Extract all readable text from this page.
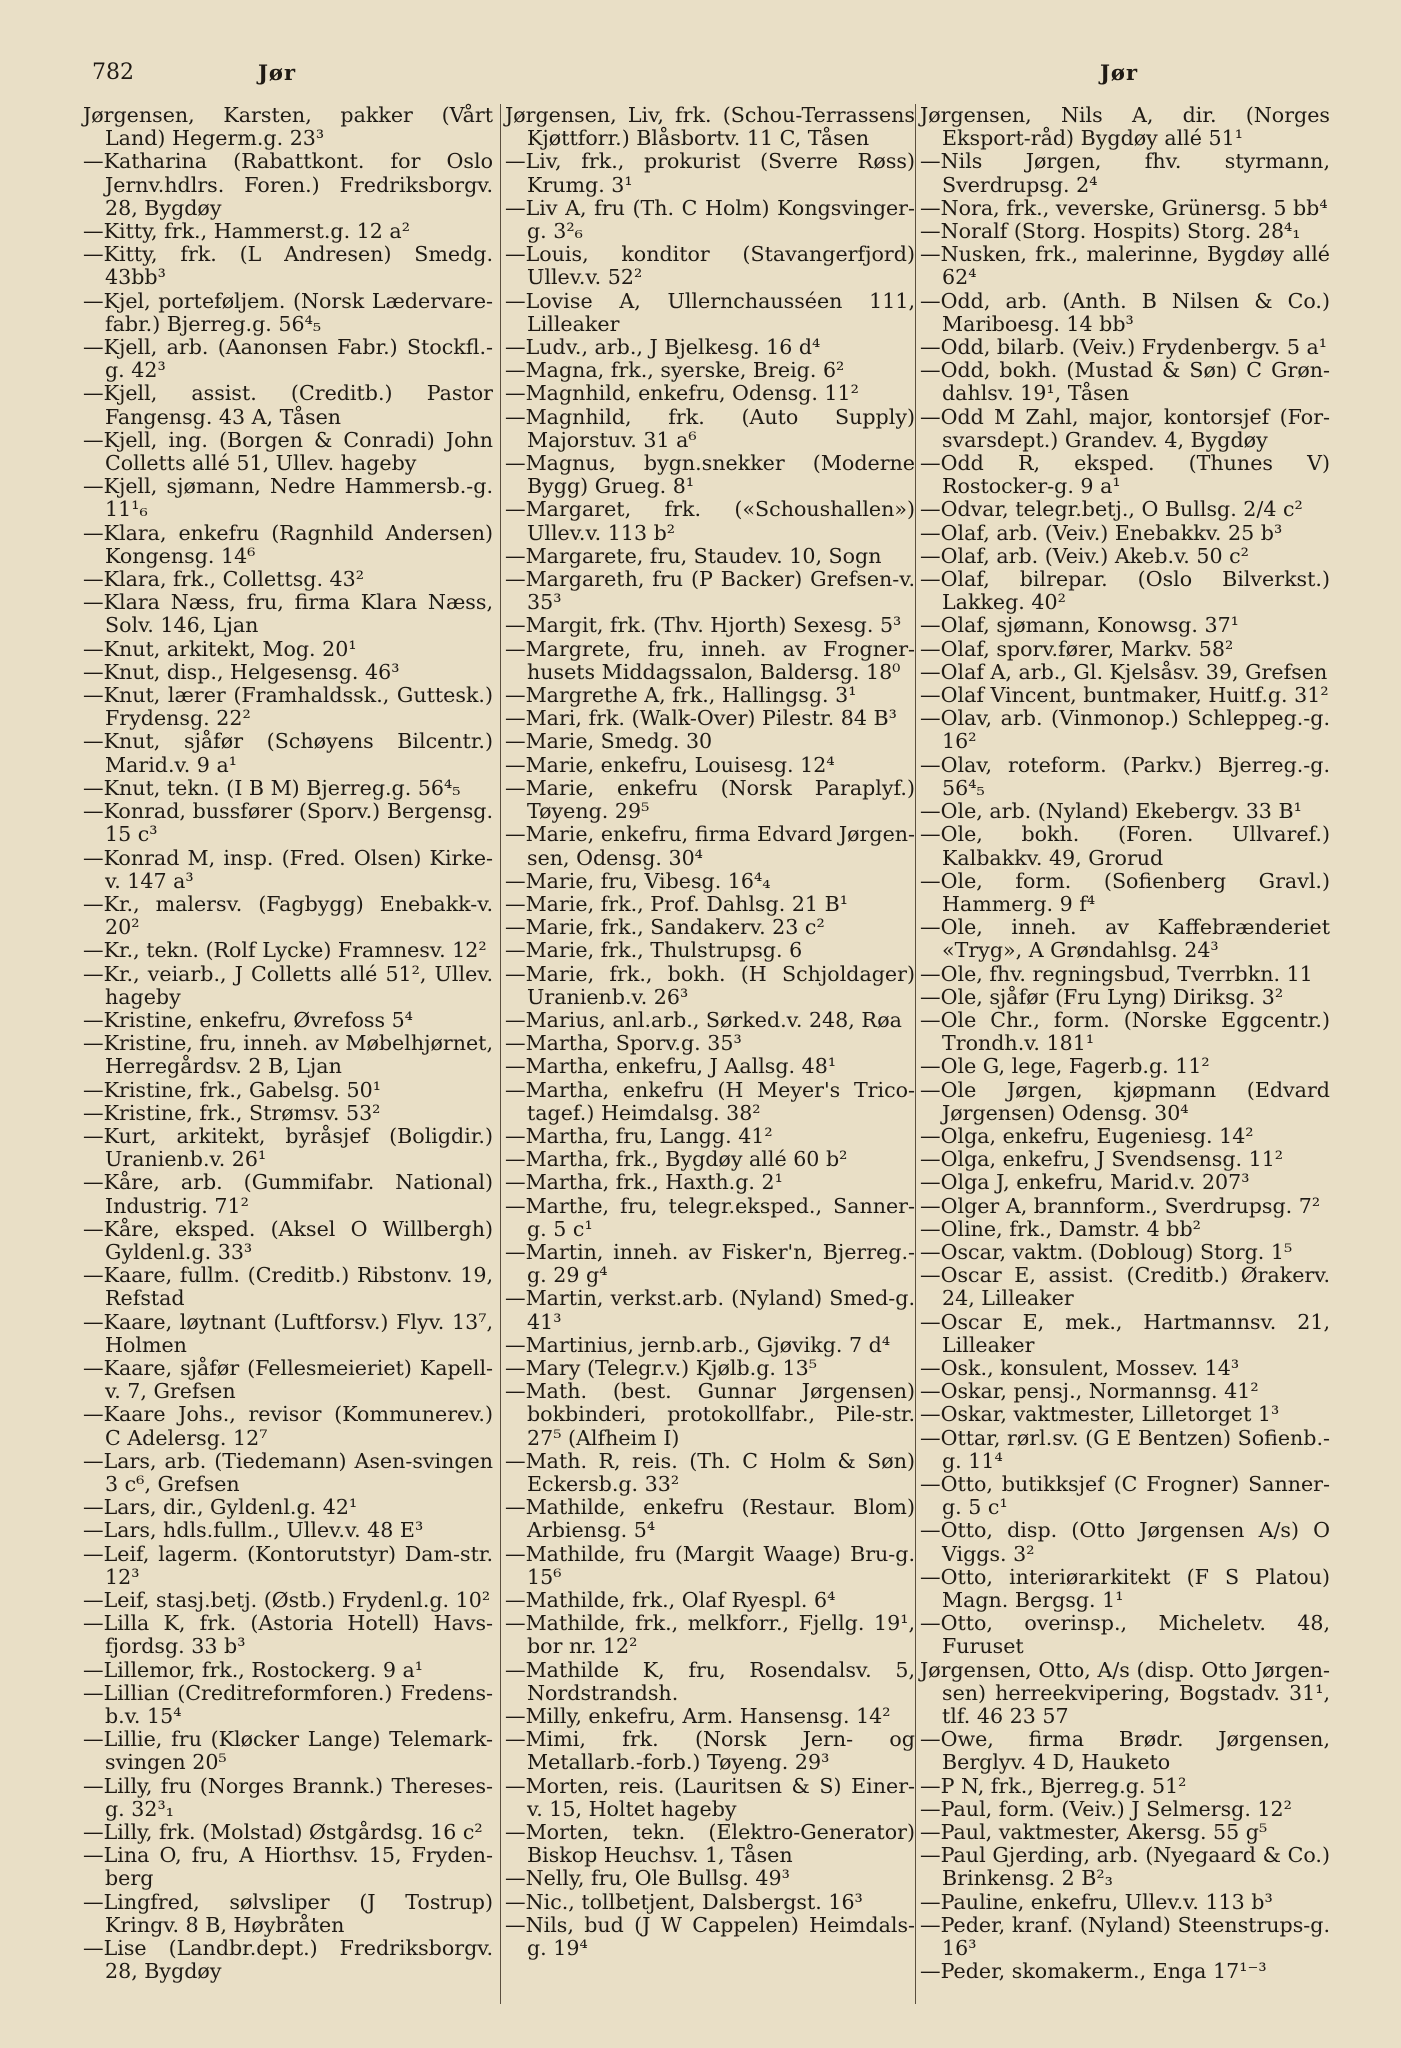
782	Jør	Jør
Jørgensen, Karsten, pakker (Vårt Land) Hegerm.g. 23³
—Katharina (Rabattkont. for Oslo Jernv.hdlrs. Foren.) Fredriksborgv. 28, Bygdøy
—Kitty, frk., Hammerst.g. 12 a²
—Kitty, frk. (L Andresen) Smedg. 43bb³
—Kjel, porteføljem. (Norsk Lædervare-fabr.) Bjerreg.g. 56⁴₅
—Kjell, arb. (Aanonsen Fabr.) Stockfl.-g. 42³
—Kjell, assist. (Creditb.) Pastor Fangensg. 43 A, Tåsen
—Kjell, ing. (Borgen & Conradi) John Colletts allé 51, Ullev. hageby
—Kjell, sjømann, Nedre Hammersb.-g. 11¹₆
—Klara, enkefru (Ragnhild Andersen) Kongensg. 14⁶
—Klara, frk., Collettsg. 43²
—Klara Næss, fru, firma Klara Næss, Solv. 146, Ljan
—Knut, arkitekt, Mog. 20¹
—Knut, disp., Helgesensg. 46³
—Knut, lærer (Framhaldssk., Guttesk.) Frydensg. 22²
—Knut, sjåfør (Schøyens Bilcentr.) Marid.v. 9 a¹
—Knut, tekn. (I B M) Bjerreg.g. 56⁴₅
—Konrad, bussfører (Sporv.) Bergensg. 15 c³
—Konrad M, insp. (Fred. Olsen) Kirke-v. 147 a³
—Kr., malersv. (Fagbygg) Enebakk-v. 20²
—Kr., tekn. (Rolf Lycke) Framnesv. 12²
—Kr., veiarb., J Colletts allé 51², Ullev. hageby
—Kristine, enkefru, Øvrefoss 5⁴
—Kristine, fru, inneh. av Møbelhjørnet, Herregårdsv. 2 B, Ljan
—Kristine, frk., Gabelsg. 50¹
—Kristine, frk., Strømsv. 53²
—Kurt, arkitekt, byråsjef (Boligdir.) Uranienb.v. 26¹
—Kåre, arb. (Gummifabr. National) Industrig. 71²
—Kåre, eksped. (Aksel O Willbergh) Gyldenl.g. 33³
—Kaare, fullm. (Creditb.) Ribstonv. 19, Refstad
—Kaare, løytnant (Luftforsv.) Flyv. 13⁷, Holmen
—Kaare, sjåfør (Fellesmeieriet) Kapell-v. 7, Grefsen
—Kaare Johs., revisor (Kommunerev.) C Adelersg. 12⁷
—Lars, arb. (Tiedemann) Asen-svingen 3 c⁶, Grefsen
—Lars, dir., Gyldenl.g. 42¹
—Lars, hdls.fullm., Ullev.v. 48 E³
—Leif, lagerm. (Kontorutstyr) Dam-str. 12³
—Leif, stasj.betj. (Østb.) Frydenl.g. 10²
—Lilla K, frk. (Astoria Hotell) Havs-fjordsg. 33 b³
—Lillemor, frk., Rostockerg. 9 a¹
—Lillian (Creditreformforen.) Fredens-b.v. 15⁴
—Lillie, fru (Kløcker Lange) Telemark-svingen 20⁵
—Lilly, fru (Norges Brannk.) Thereses-g. 32³₁
—Lilly, frk. (Molstad) Østgårdsg. 16 c²
—Lina O, fru, A Hiorthsv. 15, Fryden-berg
—Lingfred, sølvsliper (J Tostrup) Kringv. 8 B, Høybråten
—Lise (Landbr.dept.) Fredriksborgv. 28, Bygdøy
Jørgensen, Liv, frk. (Schou-Terrassens Kjøttforr.) Blåsbortv. 11 C, Tåsen
—Liv, frk., prokurist (Sverre Røss) Krumg. 3¹
—Liv A, fru (Th. C Holm) Kongsvinger-g. 3²₆
—Louis, konditor (Stavangerfjord) Ullev.v. 52²
—Lovise A, Ullernchausséen 111, Lilleaker
—Ludv., arb., J Bjelkesg. 16 d⁴
—Magna, frk., syerske, Breig. 6²
—Magnhild, enkefru, Odensg. 11²
—Magnhild, frk. (Auto Supply) Majorstuv. 31 a⁶
—Magnus, bygn.snekker (Moderne Bygg) Grueg. 8¹
—Margaret, frk. («Schoushallen») Ullev.v. 113 b²
—Margarete, fru, Staudev. 10, Sogn
—Margareth, fru (P Backer) Grefsen-v. 35³
—Margit, frk. (Thv. Hjorth) Sexesg. 5³
—Margrete, fru, inneh. av Frogner-husets Middagssalon, Baldersg. 18⁰
—Margrethe A, frk., Hallingsg. 3¹
—Mari, frk. (Walk-Over) Pilestr. 84 B³
—Marie, Smedg. 30
—Marie, enkefru, Louisesg. 12⁴
—Marie, enkefru (Norsk Paraplyf.) Tøyeng. 29⁵
—Marie, enkefru, firma Edvard Jørgen-sen, Odensg. 30⁴
—Marie, fru, Vibesg. 16⁴₄
—Marie, frk., Prof. Dahlsg. 21 B¹
—Marie, frk., Sandakerv. 23 c²
—Marie, frk., Thulstrupsg. 6
—Marie, frk., bokh. (H Schjoldager) Uranienb.v. 26³
—Marius, anl.arb., Sørked.v. 248, Røa
—Martha, Sporv.g. 35³
—Martha, enkefru, J Aallsg. 48¹
—Martha, enkefru (H Meyer's Trico-tagef.) Heimdalsg. 38²
—Martha, fru, Langg. 41²
—Martha, frk., Bygdøy allé 60 b²
—Martha, frk., Haxth.g. 2¹
—Marthe, fru, telegr.eksped., Sanner-g. 5 c¹
—Martin, inneh. av Fisker'n, Bjerreg.-g. 29 g⁴
—Martin, verkst.arb. (Nyland) Smed-g. 41³
—Martinius, jernb.arb., Gjøvikg. 7 d⁴
—Mary (Telegr.v.) Kjølb.g. 13⁵
—Math. (best. Gunnar Jørgensen) bokbinderi, protokollfabr., Pile-str. 27⁵ (Alfheim I)
—Math. R, reis. (Th. C Holm & Søn) Eckersb.g. 33²
—Mathilde, enkefru (Restaur. Blom) Arbiensg. 5⁴
—Mathilde, fru (Margit Waage) Bru-g. 15⁶
—Mathilde, frk., Olaf Ryespl. 6⁴
—Mathilde, frk., melkforr., Fjellg. 19¹, bor nr. 12²
—Mathilde K, fru, Rosendalsv. 5, Nordstrandsh.
—Milly, enkefru, Arm. Hansensg. 14²
—Mimi, frk. (Norsk Jern- og Metallarb.-forb.) Tøyeng. 29³
—Morten, reis. (Lauritsen & S) Einer-v. 15, Holtet hageby
—Morten, tekn. (Elektro-Generator) Biskop Heuchsv. 1, Tåsen
—Nelly, fru, Ole Bullsg. 49³
—Nic., tollbetjent, Dalsbergst. 16³
—Nils, bud (J W Cappelen) Heimdals-g. 19⁴
Jørgensen, Nils A, dir. (Norges Eksport-råd) Bygdøy allé 51¹
—Nils Jørgen, fhv. styrmann, Sverdrupsg. 2⁴
—Nora, frk., veverske, Grünersg. 5 bb⁴
—Noralf (Storg. Hospits) Storg. 28⁴₁
—Nusken, frk., malerinne, Bygdøy allé 62⁴
—Odd, arb. (Anth. B Nilsen & Co.) Mariboesg. 14 bb³
—Odd, bilarb. (Veiv.) Frydenbergv. 5 a¹
—Odd, bokh. (Mustad & Søn) C Grøn-dahlsv. 19¹, Tåsen
—Odd M Zahl, major, kontorsjef (For-svarsdept.) Grandev. 4, Bygdøy
—Odd R, eksped. (Thunes V) Rostocker-g. 9 a¹
—Odvar, telegr.betj., O Bullsg. 2/4 c²
—Olaf, arb. (Veiv.) Enebakkv. 25 b³
—Olaf, arb. (Veiv.) Akeb.v. 50 c²
—Olaf, bilrepar. (Oslo Bilverkst.) Lakkeg. 40²
—Olaf, sjømann, Konowsg. 37¹
—Olaf, sporv.fører, Markv. 58²
—Olaf A, arb., Gl. Kjelsåsv. 39, Grefsen
—Olaf Vincent, buntmaker, Huitf.g. 31²
—Olav, arb. (Vinmonop.) Schleppeg.-g. 16²
—Olav, roteform. (Parkv.) Bjerreg.-g. 56⁴₅
—Ole, arb. (Nyland) Ekebergv. 33 B¹
—Ole, bokh. (Foren. Ullvaref.) Kalbakkv. 49, Grorud
—Ole, form. (Sofienberg Gravl.) Hammerg. 9 f⁴
—Ole, inneh. av Kaffebrænderiet «Tryg», A Grøndahlsg. 24³
—Ole, fhv. regningsbud, Tverrbkn. 11
—Ole, sjåfør (Fru Lyng) Diriksg. 3²
—Ole Chr., form. (Norske Eggcentr.) Trondh.v. 181¹
—Ole G, lege, Fagerb.g. 11²
—Ole Jørgen, kjøpmann (Edvard Jørgensen) Odensg. 30⁴
—Olga, enkefru, Eugeniesg. 14²
—Olga, enkefru, J Svendsensg. 11²
—Olga J, enkefru, Marid.v. 207³
—Olger A, brannform., Sverdrupsg. 7²
—Oline, frk., Damstr. 4 bb²
—Oscar, vaktm. (Dobloug) Storg. 1⁵
—Oscar E, assist. (Creditb.) Ørakerv. 24, Lilleaker
—Oscar E, mek., Hartmannsv. 21, Lilleaker
—Osk., konsulent, Mossev. 14³
—Oskar, pensj., Normannsg. 41²
—Oskar, vaktmester, Lilletorget 1³
—Ottar, rørl.sv. (G E Bentzen) Sofienb.-g. 11⁴
—Otto, butikksjef (C Frogner) Sanner-g. 5 c¹
—Otto, disp. (Otto Jørgensen A/s) O Viggs. 3²
—Otto, interiørarkitekt (F S Platou) Magn. Bergsg. 1¹
—Otto, overinsp., Micheletv. 48, Furuset
Jørgensen, Otto, A/s (disp. Otto Jørgen-sen) herreekvipering, Bogstadv. 31¹, tlf. 46 23 57
—Owe, firma Brødr. Jørgensen, Berglyv. 4 D, Hauketo
—P N, frk., Bjerreg.g. 51²
—Paul, form. (Veiv.) J Selmersg. 12²
—Paul, vaktmester, Akersg. 55 g⁵
—Paul Gjerding, arb. (Nyegaard & Co.) Brinkensg. 2 B²₃
—Pauline, enkefru, Ullev.v. 113 b³
—Peder, kranf. (Nyland) Steenstrups-g. 16³
—Peder, skomakerm., Enga 17¹⁻³
